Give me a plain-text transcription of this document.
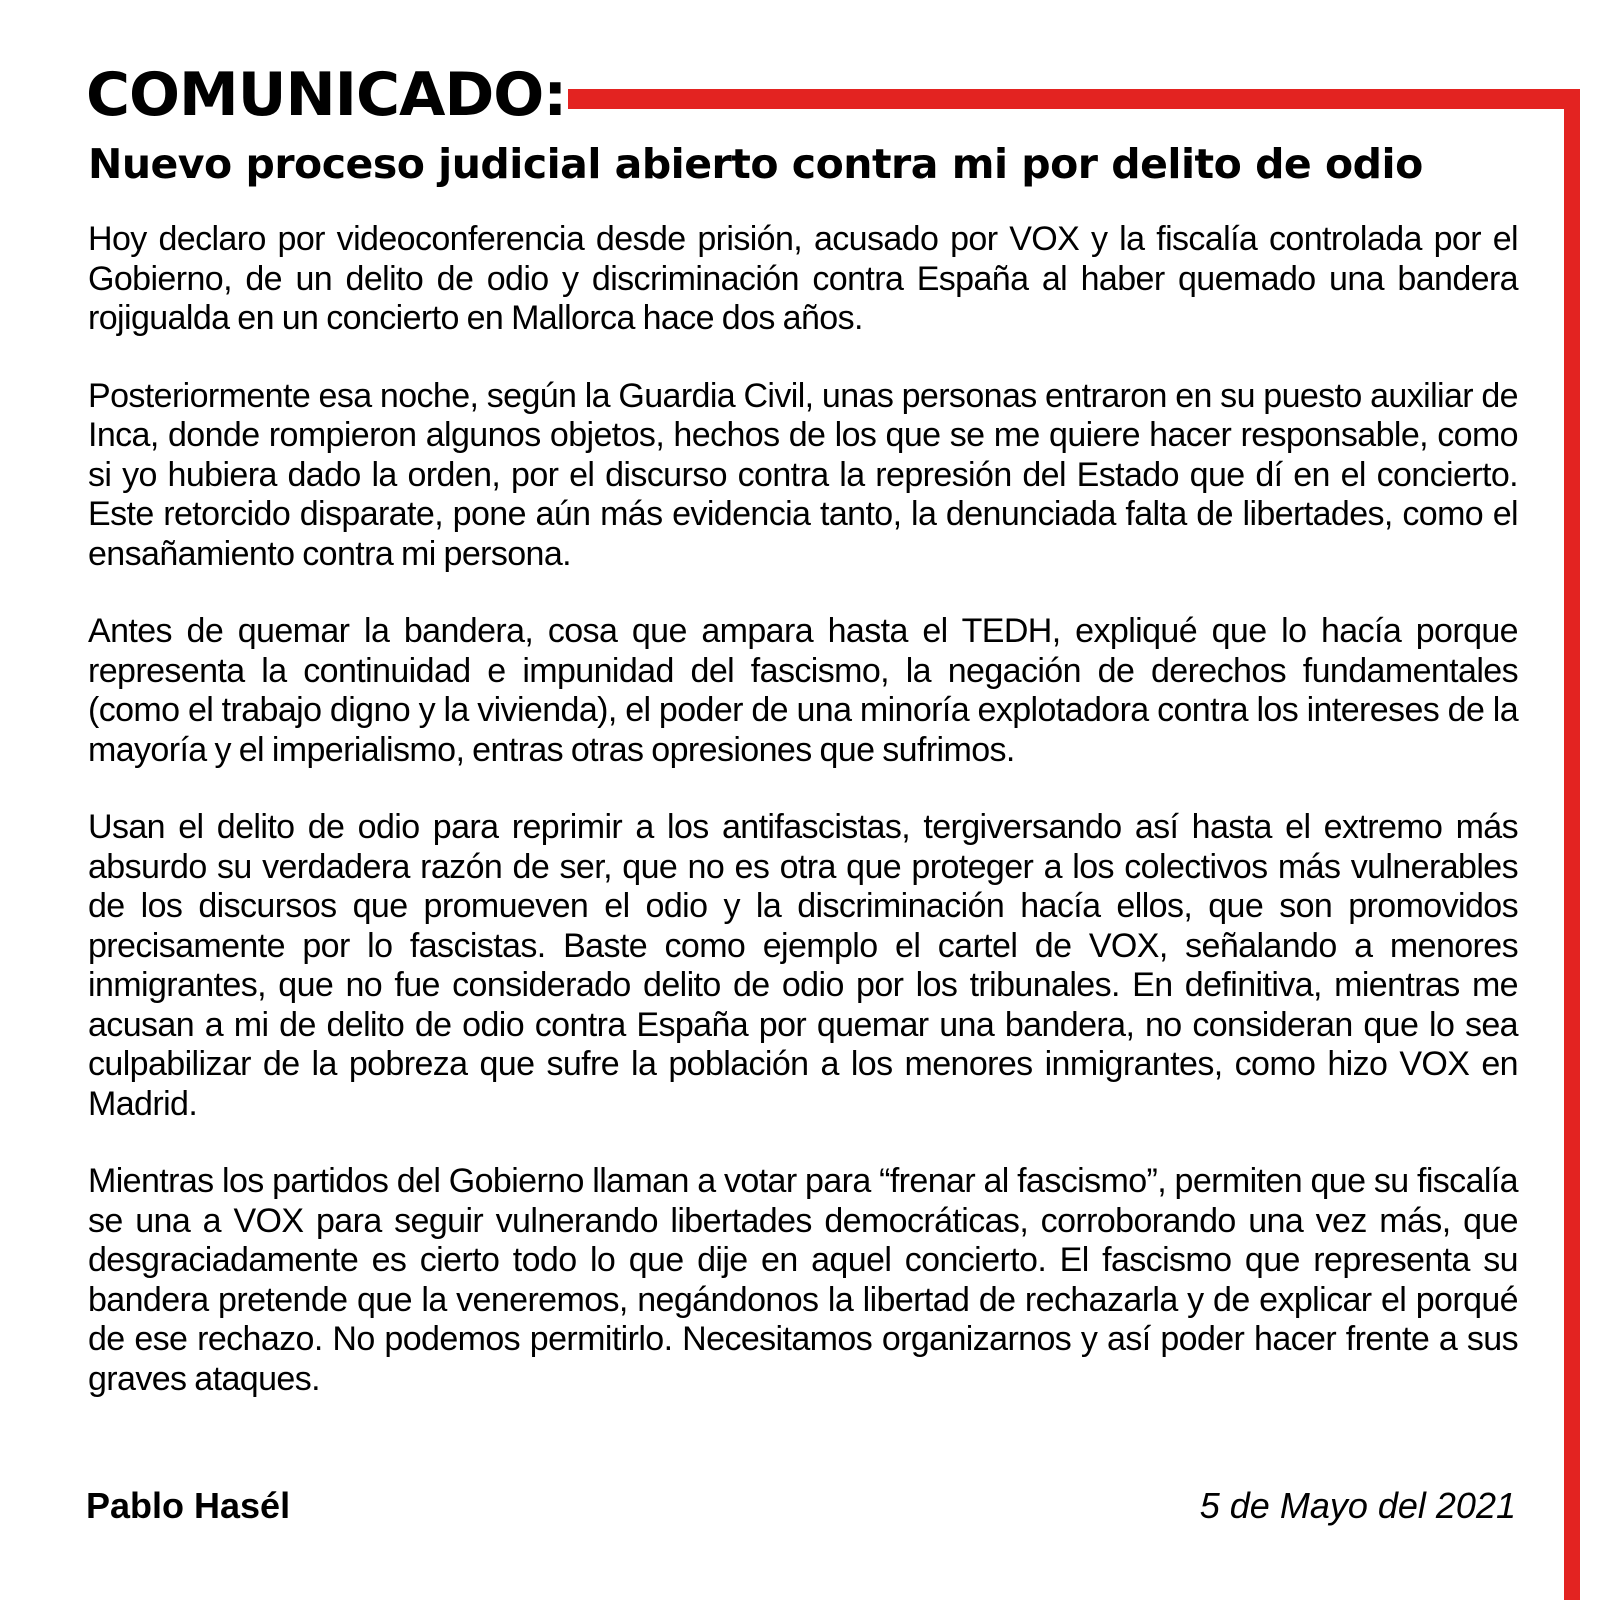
COMUNICADO:
Nuevo proceso judicial abierto contra mi por delito de odio

Hoy declaro por videoconferencia desde prisión, acusado por VOX y la fiscalía controlada por el Gobierno, de un delito de odio y discriminación contra España al haber quemado una bandera rojigualda en un concierto en Mallorca hace dos años.

Posteriormente esa noche, según la Guardia Civil, unas personas entraron en su puesto auxiliar de Inca, donde rompieron algunos objetos, hechos de los que se me quiere hacer responsable, como si yo hubiera dado la orden, por el discurso contra la represión del Estado que dí en el concierto. Este retorcido disparate, pone aún más evidencia tanto, la denunciada falta de libertades, como el ensañamiento contra mi persona.

Antes de quemar la bandera, cosa que ampara hasta el TEDH, expliqué que lo hacía porque representa la continuidad e impunidad del fascismo, la negación de derechos fundamentales (como el trabajo digno y la vivienda), el poder de una minoría explotadora contra los intereses de la mayoría y el imperialismo, entras otras opresiones que sufrimos.

Usan el delito de odio para reprimir a los antifascistas, tergiversando así hasta el extremo más absurdo su verdadera razón de ser, que no es otra que proteger a los colectivos más vulnerables de los discursos que promueven el odio y la discriminación hacía ellos, que son promovidos precisamente por lo fascistas. Baste como ejemplo el cartel de VOX, señalando a menores inmigrantes, que no fue considerado delito de odio por los tribunales. En definitiva, mientras me acusan a mi de delito de odio contra España por quemar una bandera, no consideran que lo sea culpabilizar de la pobreza que sufre la población a los menores inmigrantes, como hizo VOX en Madrid.

Mientras los partidos del Gobierno llaman a votar para “frenar al fascismo”, permiten que su fiscalía se una a VOX para seguir vulnerando libertades democráticas, corroborando una vez más, que desgraciadamente es cierto todo lo que dije en aquel concierto. El fascismo que representa su bandera pretende que la veneremos, negándonos la libertad de rechazarla y de explicar el porqué de ese rechazo. No podemos permitirlo. Necesitamos organizarnos y así poder hacer frente a sus graves ataques.

Pablo Hasél	5 de Mayo del 2021
